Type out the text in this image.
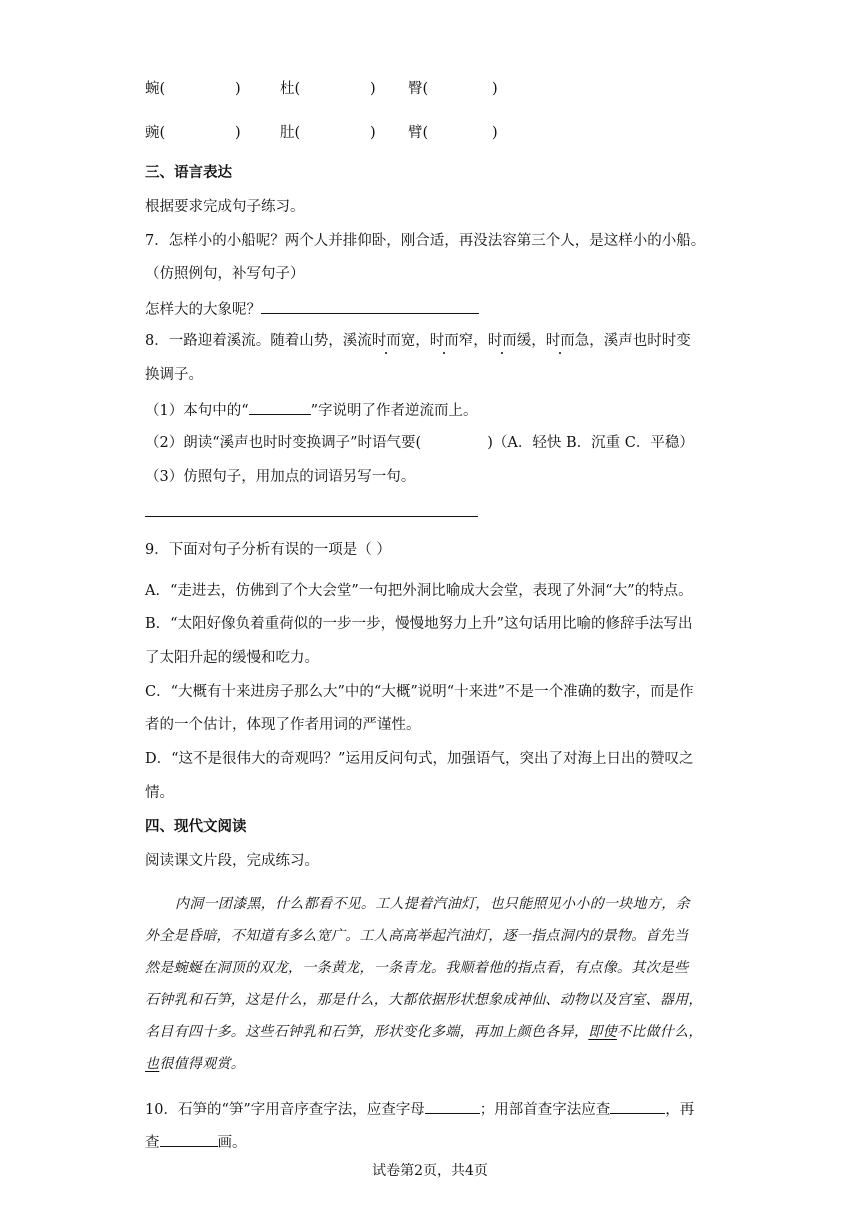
蜿(	)	杜(	) 臀(	)
豌(	)	肚(	) 臂(	)
三、语言表达
根据要求完成句子练习。
7．怎样小的小船呢？两个人并排仰卧，刚合适，再没法容第三个人，是这样小的小船。
（仿照例句，补写句子）
怎样大的大象呢？
8．一路迎着溪流。随着山势，溪流时而宽，时而窄，时而缓，时而急，溪声也时时变
换调子。
（1）本句中的“	”字说明了作者逆流而上。
（2）朗读“溪声也时时变换调子”时语气要(	)（A．轻快 B．沉重 C．平稳）
（3）仿照句子，用加点的词语另写一句。
9．下面对句子分析有误的一项是（ ）
A．“走进去，仿佛到了个大会堂”一句把外洞比喻成大会堂，表现了外洞“大”的特点。
B．“太阳好像负着重荷似的一步一步，慢慢地努力上升”这句话用比喻的修辞手法写出
了太阳升起的缓慢和吃力。
C．“大概有十来进房子那么大”中的“大概”说明“十来进”不是一个准确的数字，而是作
者的一个估计，体现了作者用词的严谨性。
D．“这不是很伟大的奇观吗？”运用反问句式，加强语气，突出了对海上日出的赞叹之
情。
四、现代文阅读
阅读课文片段，完成练习。
内洞一团漆黑，什么都看不见。工人提着汽油灯，也只能照见小小的一块地方，余
外全是昏暗，不知道有多么宽广。工人高高举起汽油灯，逐一指点洞内的景物。首先当
然是蜿蜒在洞顶的双龙，一条黄龙，一条青龙。我顺着他的指点看，有点像。其次是些
石钟乳和石笋，这是什么，那是什么，大都依据形状想象成神仙、动物以及宫室、器用，
名目有四十多。这些石钟乳和石笋，形状变化多端，再加上颜色各异，即使不比做什么，
也很值得观赏。
10．石笋的“笋”字用音序查字法，应查字母	；用部首查字法应查	，再
查	画。
试卷第2页，共4页
